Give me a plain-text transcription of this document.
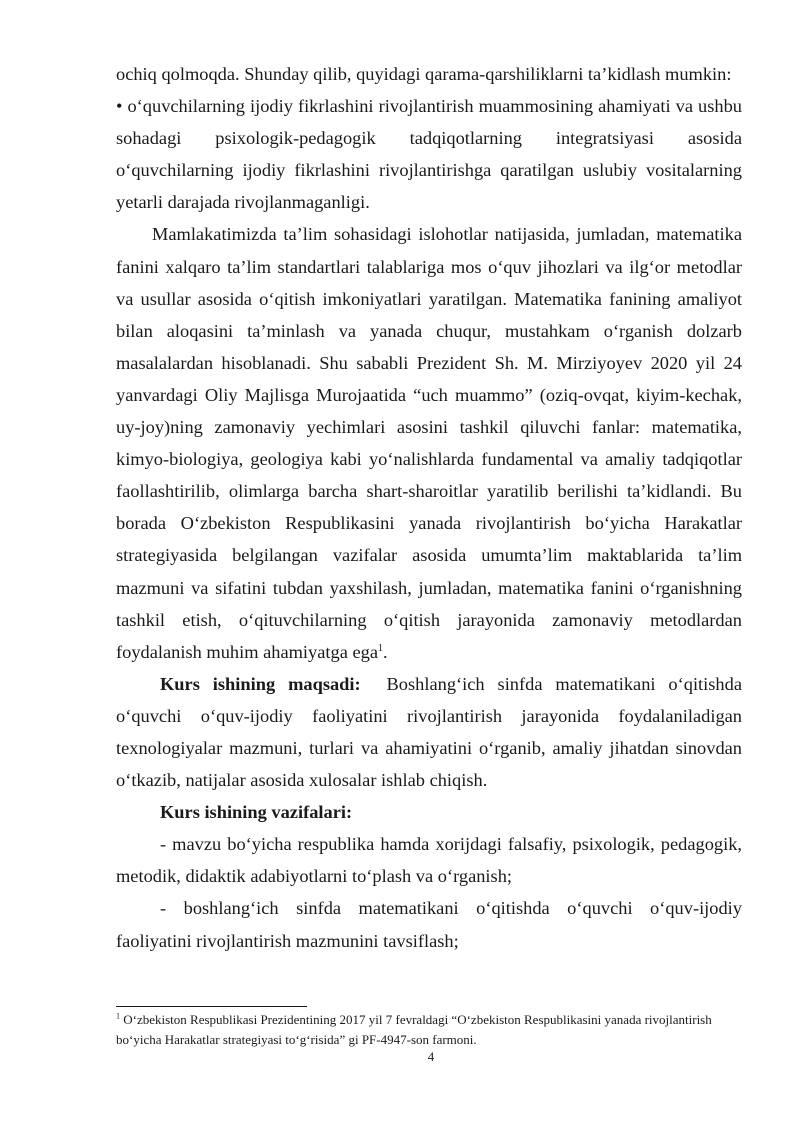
ochiq qolmoqda. Shunday qilib, quyidagi qarama-qarshiliklarni ta’kidlash mumkin:

• o‘quvchilarning ijodiy fikrlashini rivojlantirish muammosining ahamiyati va ushbu sohadagi psixologik-pedagogik tadqiqotlarning integratsiyasi asosida o‘quvchilarning ijodiy fikrlashini rivojlantirishga qaratilgan uslubiy vositalarning yetarli darajada rivojlanmaganligi.

Mamlakatimizda ta’lim sohasidagi islohotlar natijasida, jumladan, matematika fanini xalqaro ta’lim standartlari talablariga mos o‘quv jihozlari va ilg‘or metodlar va usullar asosida o‘qitish imkoniyatlari yaratilgan. Matematika fanining amaliyot bilan aloqasini ta’minlash va yanada chuqur, mustahkam o‘rganish dolzarb masalalardan hisoblanadi. Shu sababli Prezident Sh. M. Mirziyoyev 2020 yil 24 yanvardagi Oliy Majlisga Murojaatida “uch muammo” (oziq-ovqat, kiyim-kechak, uy-joy)ning zamonaviy yechimlari asosini tashkil qiluvchi fanlar: matematika, kimyo-biologiya, geologiya kabi yo‘nalishlarda fundamental va amaliy tadqiqotlar faollashtirilib, olimlarga barcha shart-sharoitlar yaratilib berilishi ta’kidlandi. Bu borada O‘zbekiston Respublikasini yanada rivojlantirish bo‘yicha Harakatlar strategiyasida belgilangan vazifalar asosida umumta’lim maktablarida ta’lim mazmuni va sifatini tubdan yaxshilash, jumladan, matematika fanini o‘rganishning tashkil etish, o‘qituvchilarning o‘qitish jarayonida zamonaviy metodlardan foydalanish muhim ahamiyatga ega$^1$.

Kurs ishining maqsadi: Boshlang‘ich sinfda matematikani o‘qitishda o‘quvchi o‘quv-ijodiy faoliyatini rivojlantirish jarayonida foydalaniladigan texnologiyalar mazmuni, turlari va ahamiyatini o‘rganib, amaliy jihatdan sinovdan o‘tkazib, natijalar asosida xulosalar ishlab chiqish.

Kurs ishining vazifalari:

- mavzu bo‘yicha respublika hamda xorijdagi falsafiy, psixologik, pedagogik, metodik, didaktik adabiyotlarni to‘plash va o‘rganish;

- boshlang‘ich sinfda matematikani o‘qitishda o‘quvchi o‘quv-ijodiy faoliyatini rivojlantirish mazmunini tavsiflash;

$^1$ O‘zbekiston Respublikasi Prezidentining 2017 yil 7 fevraldagi “O‘zbekiston Respublikasini yanada rivojlantirish bo‘yicha Harakatlar strategiyasi to‘g‘risida” gi PF-4947-son farmoni.
4
